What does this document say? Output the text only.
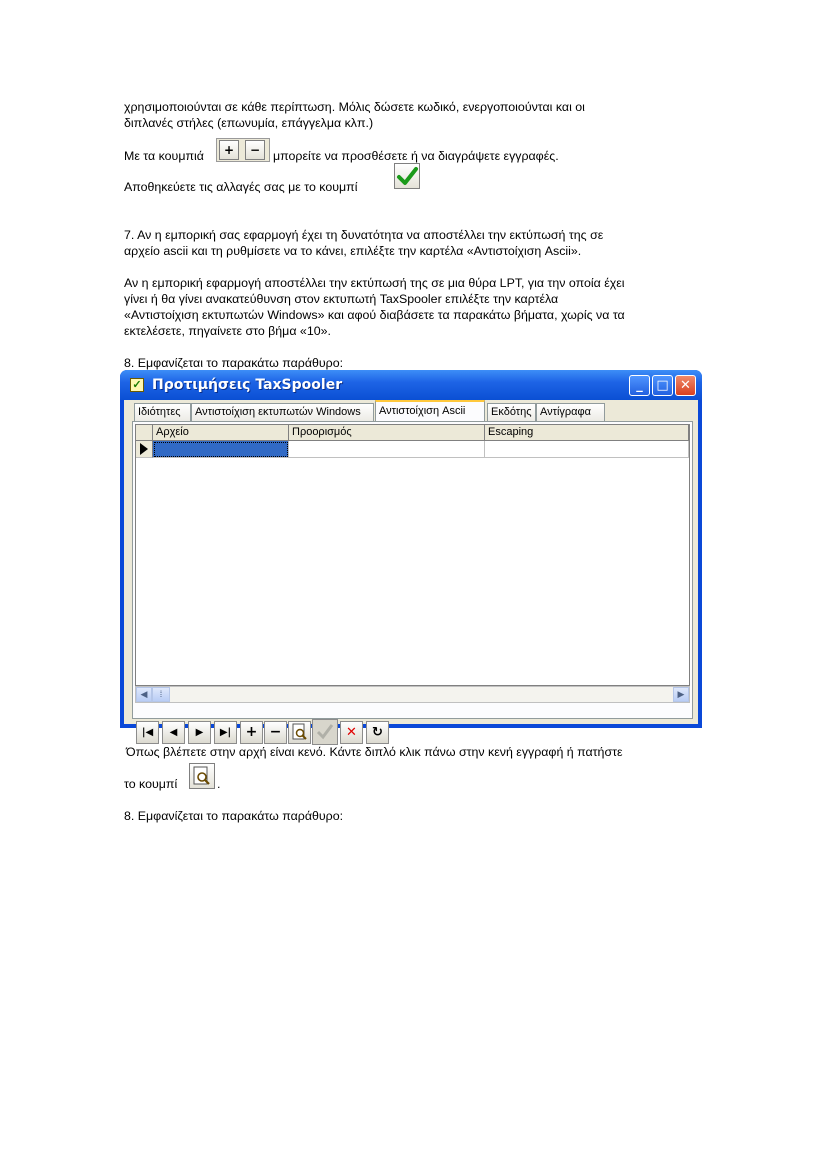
χρησιμοποιούνται σε κάθε περίπτωση. Μόλις δώσετε κωδικό, ενεργοποιούνται και οι
διπλανές στήλες (επωνυμία, επάγγελμα κλπ.)
Με τα κουμπιά	+	−	μπορείτε να προσθέσετε ή να διαγράψετε εγγραφές.
Αποθηκεύετε τις αλλαγές σας με το κουμπί
7. Αν η εμπορική σας εφαρμογή έχει τη δυνατότητα να αποστέλλει την εκτύπωσή της σε
αρχείο ascii και τη ρυθμίσετε να το κάνει, επιλέξτε την καρτέλα «Αντιστοίχιση Ascii».
Αν η εμπορική εφαρμογή αποστέλλει την εκτύπωσή της σε μια θύρα LPT, για την οποία έχει
γίνει ή θα γίνει ανακατεύθυνση στον εκτυπωτή TaxSpooler επιλέξτε την καρτέλα
«Αντιστοίχιση εκτυπωτών Windows» και αφού διαβάσετε τα παρακάτω βήματα, χωρίς να τα
εκτελέσετε, πηγαίνετε στο βήμα «10».
8. Εμφανίζεται το παρακάτω παράθυρο:
✓ Προτιμήσεις TaxSpooler	_	□ ✕
Ιδιότητες	Αντιστοίχιση εκτυπωτών Windows	Αντιστοίχιση Ascii	Εκδότης Αντίγραφα
Αρχείο	Προορισμός	Escaping
◀	⁞	▶
|◀	◀	▶	▶|	+ −	✕	↻
Όπως βλέπετε στην αρχή είναι κενό. Κάντε διπλό κλικ πάνω στην κενή εγγραφή ή πατήστε
το κουμπί	.
8. Εμφανίζεται το παρακάτω παράθυρο:
